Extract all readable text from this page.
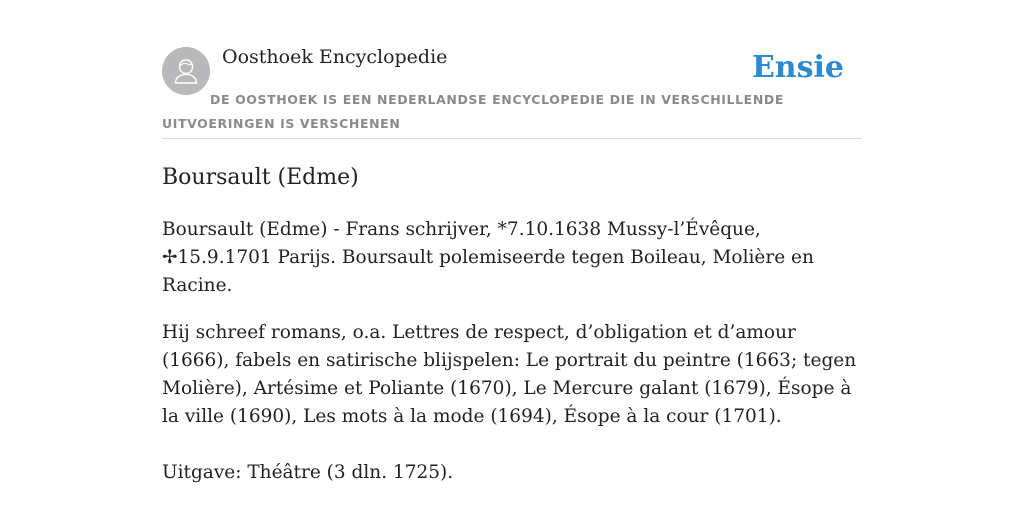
Oosthoek Encyclopedie	Ensie
DE OOSTHOEK IS EEN NEDERLANDSE ENCYCLOPEDIE DIE IN VERSCHILLENDE UITVOERINGEN IS VERSCHENEN
Boursault (Edme)

Boursault (Edme) - Frans schrijver, *7.10.1638 Mussy-l’Évêque, ✢15.9.1701 Parijs. Boursault polemiseerde tegen Boileau, Molière en Racine.

Hij schreef romans, o.a. Lettres de respect, d’obligation et d’amour (1666), fabels en satirische blijspelen: Le portrait du peintre (1663; tegen Molière), Artésime et Poliante (1670), Le Mercure galant (1679), Ésope à la ville (1690), Les mots à la mode (1694), Ésope à la cour (1701).

Uitgave: Théâtre (3 dln. 1725).
